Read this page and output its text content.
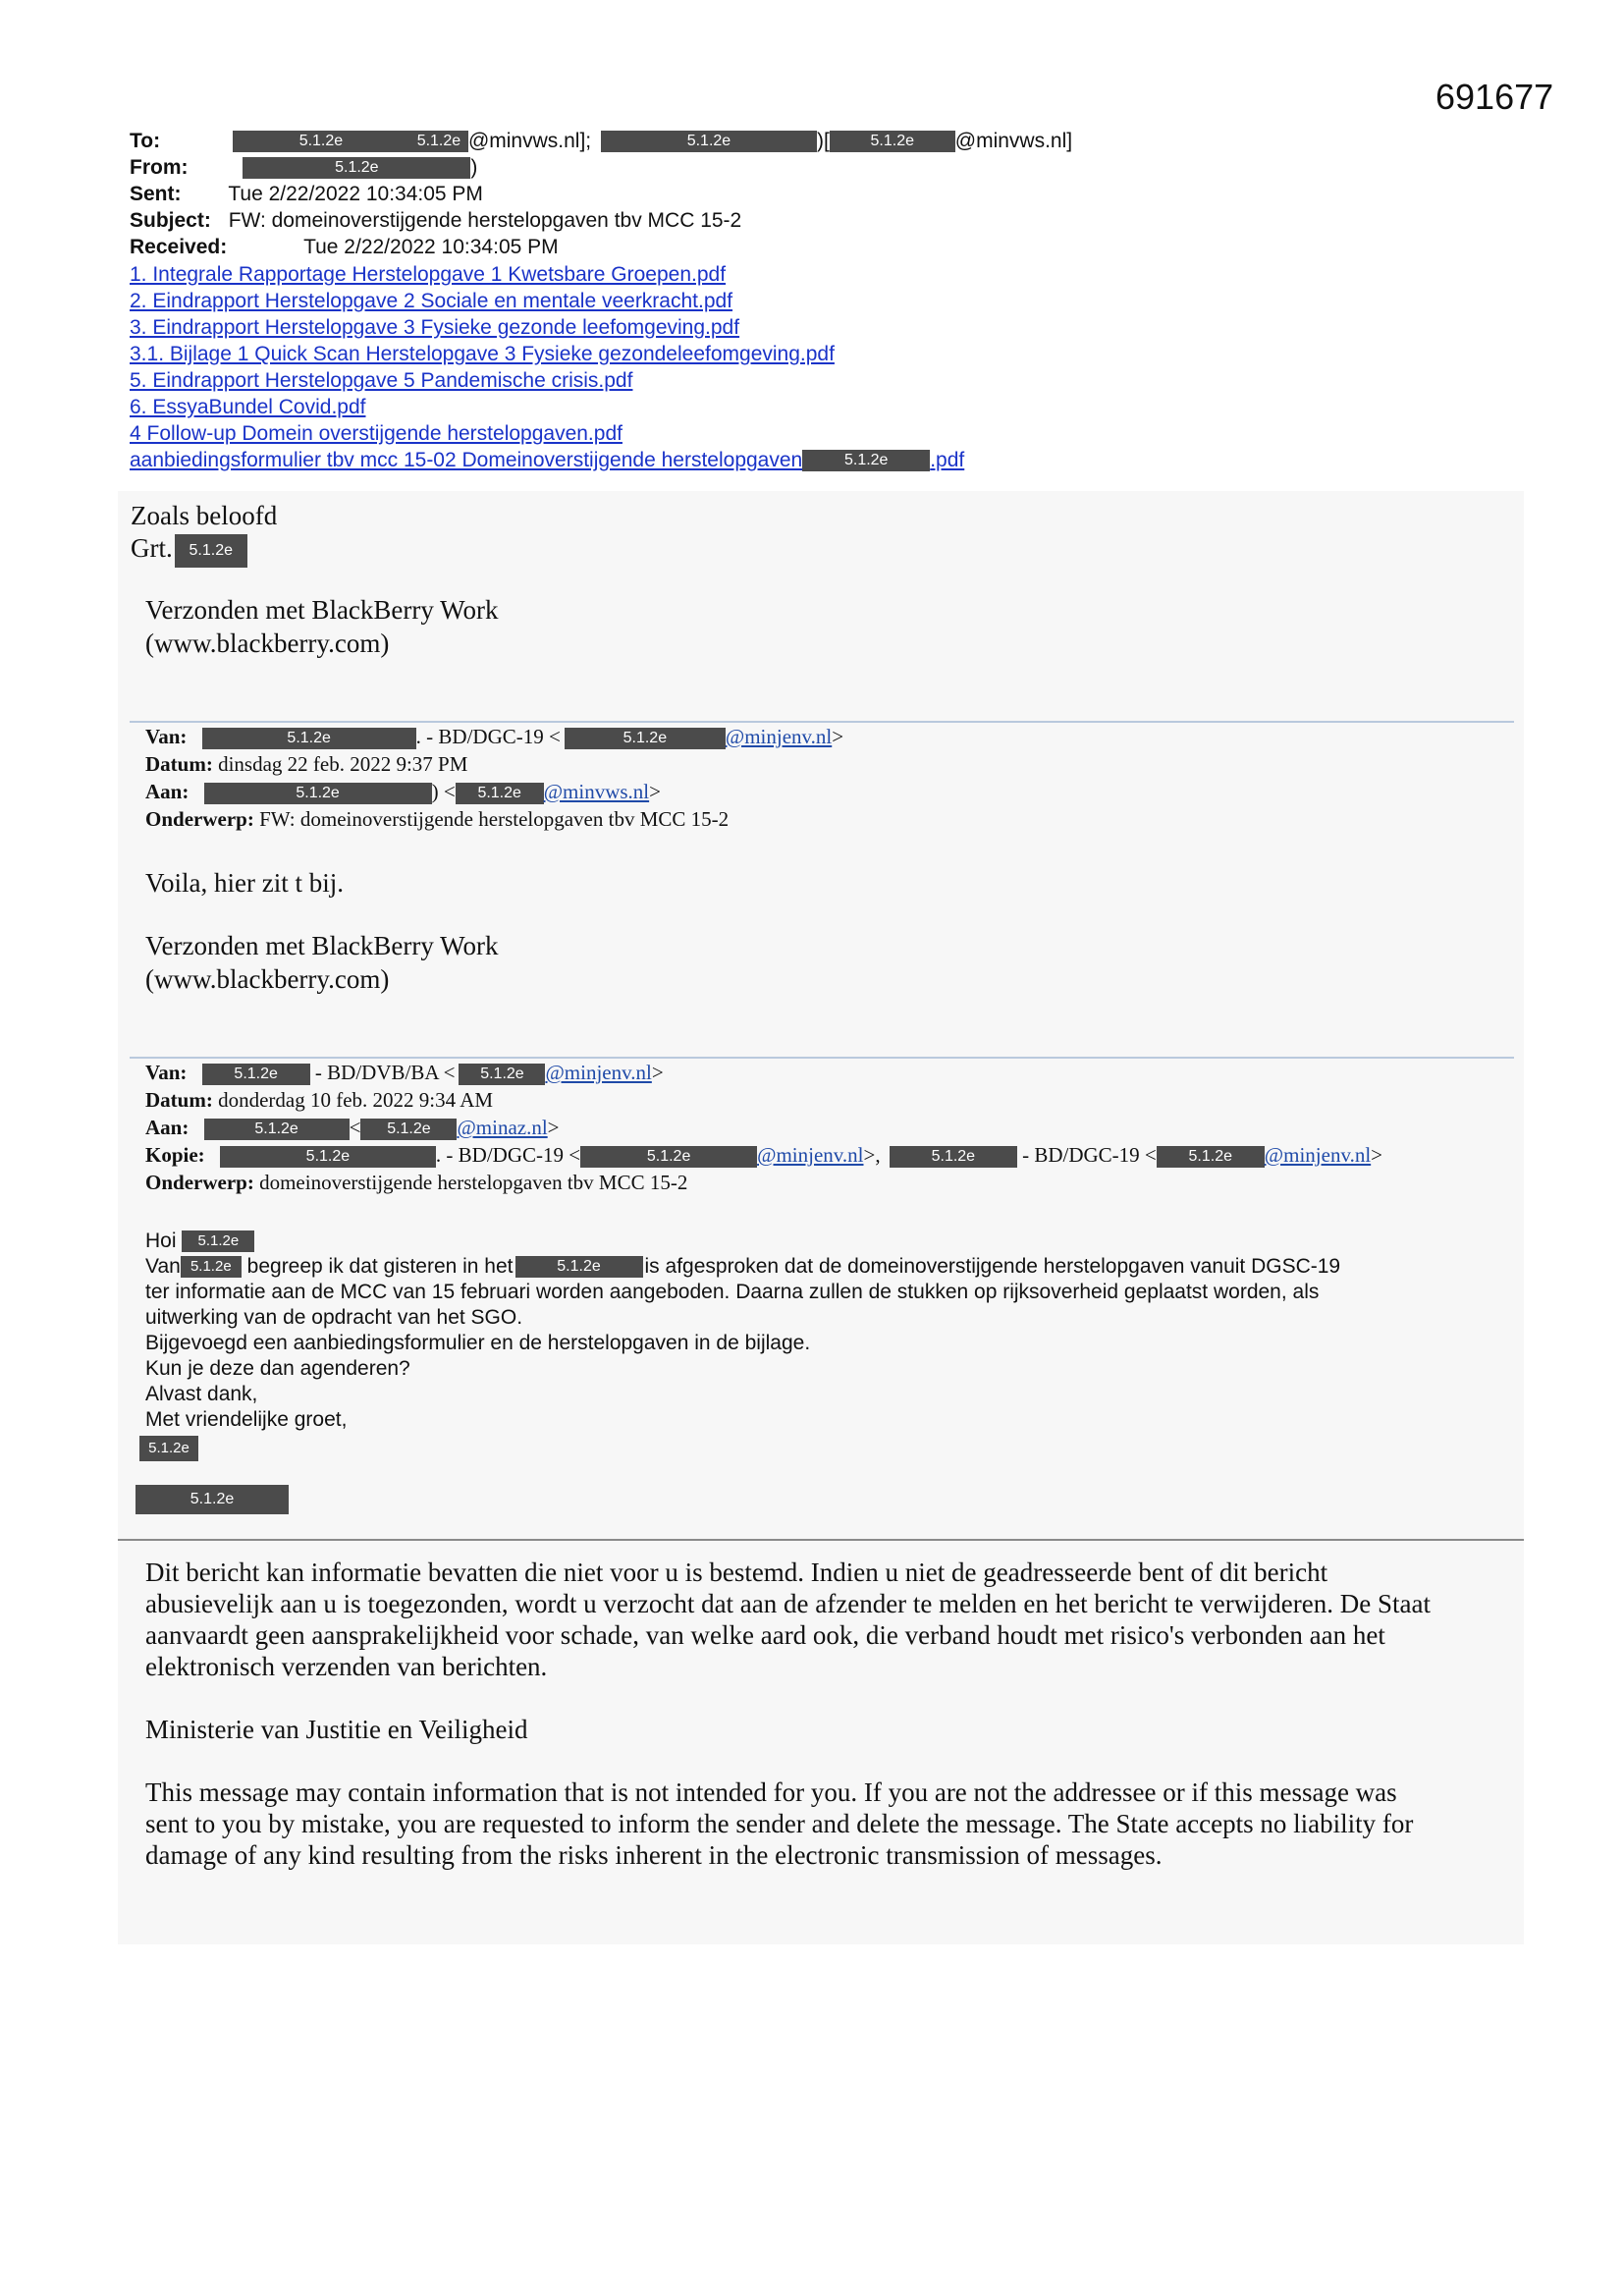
691677
To:	5.1.2e	5.1.2e @minvws.nl];	5.1.2e	)[	5.1.2e @minvws.nl]
From:	5.1.2e	)
Sent: Tue 2/22/2022 10:34:05 PM
Subject: FW: domeinoverstijgende herstelopgaven tbv MCC 15-2
Received:	Tue 2/22/2022 10:34:05 PM
1. Integrale Rapportage Herstelopgave 1 Kwetsbare Groepen.pdf
2. Eindrapport Herstelopgave 2 Sociale en mentale veerkracht.pdf
3. Eindrapport Herstelopgave 3 Fysieke gezonde leefomgeving.pdf
3.1. Bijlage 1 Quick Scan Herstelopgave 3 Fysieke gezondeleefomgeving.pdf
5. Eindrapport Herstelopgave 5 Pandemische crisis.pdf
6. EssyaBundel Covid.pdf
4 Follow-up Domein overstijgende herstelopgaven.pdf
aanbiedingsformulier tbv mcc 15-02 Domeinoverstijgende herstelopgaven	5.1.2e .pdf
Zoals beloofd
Grt. 5.1.2e
Verzonden met BlackBerry Work
(www.blackberry.com)
Van:	5.1.2e	. - BD/DGC-19 <	5.1.2e	@minjenv.nl>
Datum: dinsdag 22 feb. 2022 9:37 PM
Aan:	5.1.2e	) < 5.1.2e @minvws.nl>
Onderwerp: FW: domeinoverstijgende herstelopgaven tbv MCC 15-2
Voila, hier zit t bij.
Verzonden met BlackBerry Work
(www.blackberry.com)
Van:	5.1.2e - BD/DVB/BA < 5.1.2e @minjenv.nl>
Datum: donderdag 10 feb. 2022 9:34 AM
Aan:	5.1.2e < 5.1.2e @minaz.nl>
Kopie:	5.1.2e	. - BD/DGC-19 <	5.1.2e	@minjenv.nl>,	5.1.2e - BD/DGC-19 < 5.1.2e @minjenv.nl>
Onderwerp: domeinoverstijgende herstelopgaven tbv MCC 15-2
Hoi 5.1.2e
Van 5.1.2e begreep ik dat gisteren in het	5.1.2e is afgesproken dat de domeinoverstijgende herstelopgaven vanuit DGSC-19
ter informatie aan de MCC van 15 februari worden aangeboden. Daarna zullen de stukken op rijksoverheid geplaatst worden, als
uitwerking van de opdracht van het SGO.
Bijgevoegd een aanbiedingsformulier en de herstelopgaven in de bijlage.
Kun je deze dan agenderen?
Alvast dank,
Met vriendelijke groet,
5.1.2e
5.1.2e
Dit bericht kan informatie bevatten die niet voor u is bestemd. Indien u niet de geadresseerde bent of dit bericht
abusievelijk aan u is toegezonden, wordt u verzocht dat aan de afzender te melden en het bericht te verwijderen. De Staat
aanvaardt geen aansprakelijkheid voor schade, van welke aard ook, die verband houdt met risico's verbonden aan het
elektronisch verzenden van berichten.
Ministerie van Justitie en Veiligheid
This message may contain information that is not intended for you. If you are not the addressee or if this message was
sent to you by mistake, you are requested to inform the sender and delete the message. The State accepts no liability for
damage of any kind resulting from the risks inherent in the electronic transmission of messages.
